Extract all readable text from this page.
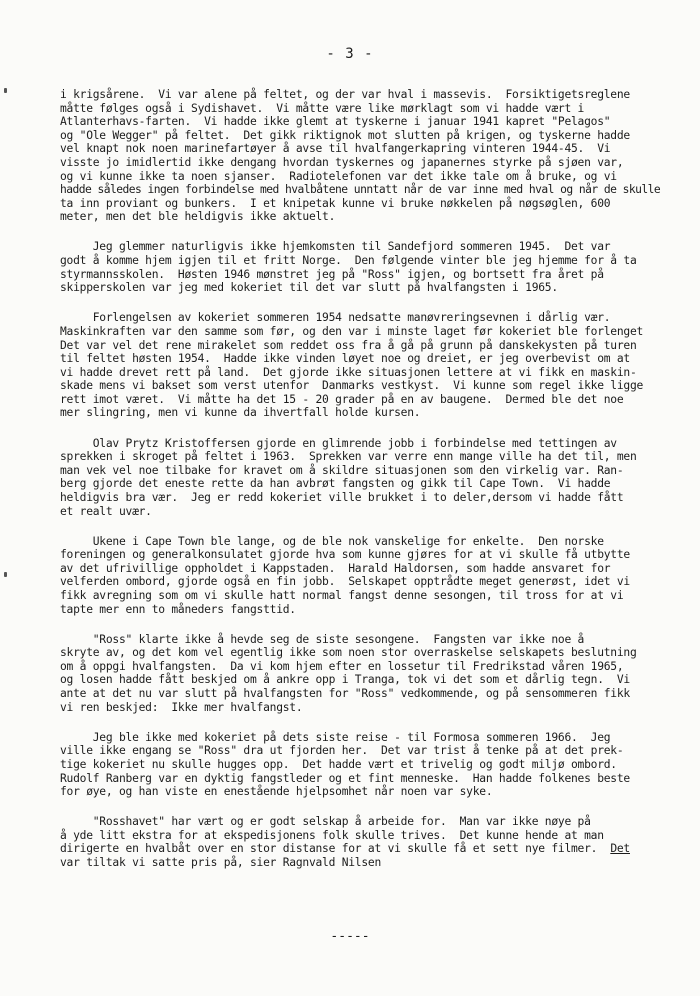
- 3 -

i krigsårene.  Vi var alene på feltet, og der var hval i massevis.  Forsiktigetsreglene
måtte følges også i Sydishavet.  Vi måtte være like mørklagt som vi hadde vært i
Atlanterhavs-farten.  Vi hadde ikke glemt at tyskerne i januar 1941 kapret "Pelagos"
og "Ole Wegger" på feltet.  Det gikk riktignok mot slutten på krigen, og tyskerne hadde
vel knapt nok noen marinefartøyer å avse til hvalfangerkapring vinteren 1944-45.  Vi
visste jo imidlertid ikke dengang hvordan tyskernes og japanernes styrke på sjøen var,
og vi kunne ikke ta noen sjanser.  Radiotelefonen var det ikke tale om å bruke, og vi
hadde således ingen forbindelse med hvalbåtene unntatt når de var inne med hval og når de skulle
ta inn proviant og bunkers.  I et knipetak kunne vi bruke nøkkelen på nøgsøglen, 600
meter, men det ble heldigvis ikke aktuelt.

Jeg glemmer naturligvis ikke hjemkomsten til Sandefjord sommeren 1945.  Det var
godt å komme hjem igjen til et fritt Norge.  Den følgende vinter ble jeg hjemme for å ta
styrmannsskolen.  Høsten 1946 mønstret jeg på "Ross" igjen, og bortsett fra året på
skipperskolen var jeg med kokeriet til det var slutt på hvalfangsten i 1965.

Forlengelsen av kokeriet sommeren 1954 nedsatte manøvreringsevnen i dårlig vær.
Maskinkraften var den samme som før, og den var i minste laget før kokeriet ble forlenget
Det var vel det rene mirakelet som reddet oss fra å gå på grunn på danskekysten på turen
til feltet høsten 1954.  Hadde ikke vinden løyet noe og dreiet, er jeg overbevist om at
vi hadde drevet rett på land.  Det gjorde ikke situasjonen lettere at vi fikk en maskin-
skade mens vi bakset som verst utenfor  Danmarks vestkyst.  Vi kunne som regel ikke ligge
rett imot været.  Vi måtte ha det 15 - 20 grader på en av baugene.  Dermed ble det noe
mer slingring, men vi kunne da ihvertfall holde kursen.

Olav Prytz Kristoffersen gjorde en glimrende jobb i forbindelse med tettingen av
sprekken i skroget på feltet i 1963.  Sprekken var verre enn mange ville ha det til, men
man vek vel noe tilbake for kravet om å skildre situasjonen som den virkelig var. Ran-
berg gjorde det eneste rette da han avbrøt fangsten og gikk til Cape Town.  Vi hadde
heldigvis bra vær.  Jeg er redd kokeriet ville brukket i to deler,dersom vi hadde fått
et realt uvær.

Ukene i Cape Town ble lange, og de ble nok vanskelige for enkelte.  Den norske
foreningen og generalkonsulatet gjorde hva som kunne gjøres for at vi skulle få utbytte
av det ufrivillige oppholdet i Kappstaden.  Harald Haldorsen, som hadde ansvaret for
velferden ombord, gjorde også en fin jobb.  Selskapet opptrådte meget generøst, idet vi
fikk avregning som om vi skulle hatt normal fangst denne sesongen, til tross for at vi
tapte mer enn to måneders fangsttid.

"Ross" klarte ikke å hevde seg de siste sesongene.  Fangsten var ikke noe å
skryte av, og det kom vel egentlig ikke som noen stor overraskelse selskapets beslutning
om å oppgi hvalfangsten.  Da vi kom hjem efter en lossetur til Fredrikstad våren 1965,
og losen hadde fått beskjed om å ankre opp i Tranga, tok vi det som et dårlig tegn.  Vi
ante at det nu var slutt på hvalfangsten for "Ross" vedkommende, og på sensommeren fikk
vi ren beskjed:  Ikke mer hvalfangst.

Jeg ble ikke med kokeriet på dets siste reise - til Formosa sommeren 1966.  Jeg
ville ikke engang se "Ross" dra ut fjorden her.  Det var trist å tenke på at det prek-
tige kokeriet nu skulle hugges opp.  Det hadde vært et trivelig og godt miljø ombord.
Rudolf Ranberg var en dyktig fangstleder og et fint menneske.  Han hadde folkenes beste
for øye, og han viste en enestående hjelpsomhet når noen var syke.

"Rosshavet" har vært og er godt selskap å arbeide for.  Man var ikke nøye på
å yde litt ekstra for at ekspedisjonens folk skulle trives.  Det kunne hende at man
dirigerte en hvalbåt over en stor distanse for at vi skulle få et sett nye filmer. Det
var tiltak vi satte pris på, sier Ragnvald Nilsen

-----
